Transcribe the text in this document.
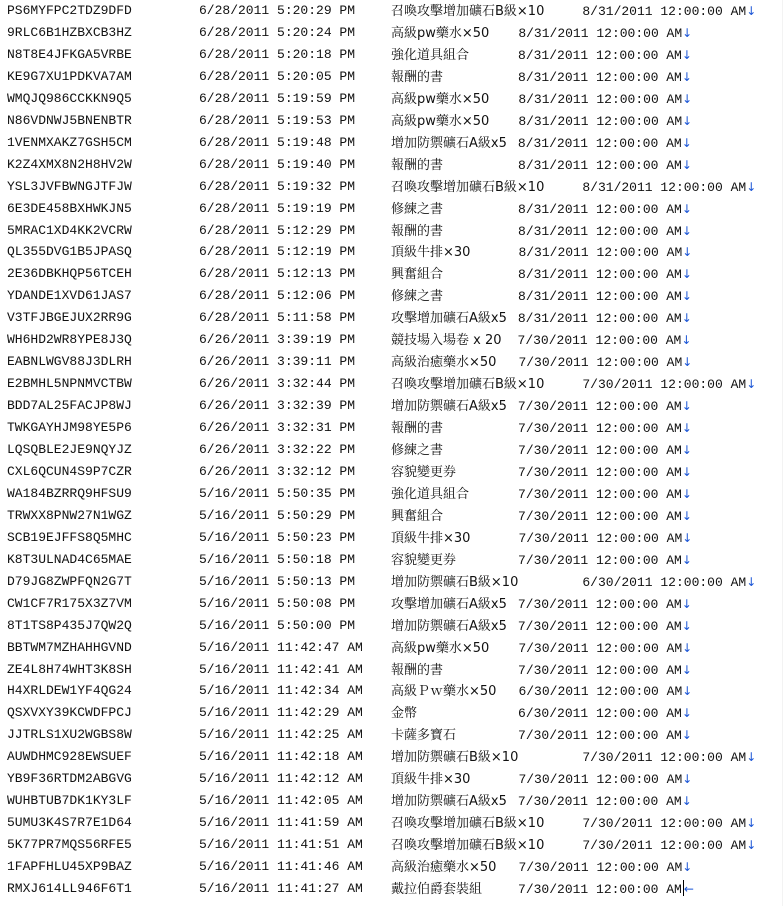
PS6MYFPC2TDZ9DFD	6/28/2011 5:20:29 PM	召喚攻擊增加礦石B級×10	8/31/2011 12:00:00 AM↓
9RLC6B1HZBXCB3HZ	6/28/2011 5:20:24 PM	高級pw藥水×50 8/31/2011 12:00:00 AM↓
N8T8E4JFKGA5VRBE	6/28/2011 5:20:18 PM	強化道具組合	8/31/2011 12:00:00 AM↓
KE9G7XU1PDKVA7AM	6/28/2011 5:20:05 PM	報酬的書	8/31/2011 12:00:00 AM↓
WMQJQ986CCKKN9Q5	6/28/2011 5:19:59 PM	高級pw藥水×50 8/31/2011 12:00:00 AM↓
N86VDNWJ5BNENBTR	6/28/2011 5:19:53 PM	高級pw藥水×50 8/31/2011 12:00:00 AM↓
1VENMXAKZ7GSH5CM	6/28/2011 5:19:48 PM	增加防禦礦石A級x5 8/31/2011 12:00:00 AM↓
K2Z4XMX8N2H8HV2W	6/28/2011 5:19:40 PM	報酬的書	8/31/2011 12:00:00 AM↓
YSL3JVFBWNGJTFJW	6/28/2011 5:19:32 PM	召喚攻擊增加礦石B級×10	8/31/2011 12:00:00 AM↓
6E3DE458BXHWKJN5	6/28/2011 5:19:19 PM	修練之書	8/31/2011 12:00:00 AM↓
5MRAC1XD4KK2VCRW	6/28/2011 5:12:29 PM	報酬的書	8/31/2011 12:00:00 AM↓
QL355DVG1B5JPASQ	6/28/2011 5:12:19 PM	頂級牛排×30	8/31/2011 12:00:00 AM↓
2E36DBKHQP56TCEH	6/28/2011 5:12:13 PM	興奮組合	8/31/2011 12:00:00 AM↓
YDANDE1XVD61JAS7	6/28/2011 5:12:06 PM	修練之書	8/31/2011 12:00:00 AM↓
V3TFJBGEJUX2RR9G	6/28/2011 5:11:58 PM	攻擊增加礦石A級x5 8/31/2011 12:00:00 AM↓
WH6HD2WR8YPE8J3Q	6/26/2011 3:39:19 PM	競技場入場卷 x 20 7/30/2011 12:00:00 AM↓
EABNLWGV88J3DLRH	6/26/2011 3:39:11 PM	高級治癒藥水×50 7/30/2011 12:00:00 AM↓
E2BMHL5NPNMVCTBW	6/26/2011 3:32:44 PM	召喚攻擊增加礦石B級×10	7/30/2011 12:00:00 AM↓
BDD7AL25FACJP8WJ	6/26/2011 3:32:39 PM	增加防禦礦石A級x5 7/30/2011 12:00:00 AM↓
TWKGAYHJM98YE5P6	6/26/2011 3:32:31 PM	報酬的書	7/30/2011 12:00:00 AM↓
LQSQBLE2JE9NQYJZ	6/26/2011 3:32:22 PM	修練之書	7/30/2011 12:00:00 AM↓
CXL6QCUN4S9P7CZR	6/26/2011 3:32:12 PM	容貌變更券	7/30/2011 12:00:00 AM↓
WA184BZRRQ9HFSU9	5/16/2011 5:50:35 PM	強化道具組合	7/30/2011 12:00:00 AM↓
TRWXX8PNW27N1WGZ	5/16/2011 5:50:29 PM	興奮組合	7/30/2011 12:00:00 AM↓
SCB19EJFFS8Q5MHC	5/16/2011 5:50:23 PM	頂級牛排×30	7/30/2011 12:00:00 AM↓
K8T3ULNAD4C65MAE	5/16/2011 5:50:18 PM	容貌變更券	7/30/2011 12:00:00 AM↓
D79JG8ZWPFQN2G7T	5/16/2011 5:50:13 PM	增加防禦礦石B級×10	6/30/2011 12:00:00 AM↓
CW1CF7R175X3Z7VM	5/16/2011 5:50:08 PM	攻擊增加礦石A級x5 7/30/2011 12:00:00 AM↓
8T1TS8P435J7QW2Q	5/16/2011 5:50:00 PM	增加防禦礦石A級x5 7/30/2011 12:00:00 AM↓
BBTWM7MZHAHHGVND	5/16/2011 11:42:47 AM 高級pw藥水×50 7/30/2011 12:00:00 AM↓
ZE4L8H74WHT3K8SH	5/16/2011 11:42:41 AM 報酬的書	7/30/2011 12:00:00 AM↓
H4XRLDEW1YF4QG24	5/16/2011 11:42:34 AM 高級Ｐｗ藥水×50 6/30/2011 12:00:00 AM↓
QSXVXY39KCWDFPCJ	5/16/2011 11:42:29 AM 金幣	6/30/2011 12:00:00 AM↓
JJTRLS1XU2WGBS8W	5/16/2011 11:42:25 AM 卡薩多寶石	7/30/2011 12:00:00 AM↓
AUWDHMC928EWSUEF	5/16/2011 11:42:18 AM 增加防禦礦石B級×10	7/30/2011 12:00:00 AM↓
YB9F36RTDM2ABGVG	5/16/2011 11:42:12 AM 頂級牛排×30	7/30/2011 12:00:00 AM↓
WUHBTUB7DK1KY3LF	5/16/2011 11:42:05 AM 增加防禦礦石A級x5 7/30/2011 12:00:00 AM↓
5UMU3K4S7R7E1D64	5/16/2011 11:41:59 AM 召喚攻擊增加礦石B級×10	7/30/2011 12:00:00 AM↓
5K77PR7MQS56RFE5	5/16/2011 11:41:51 AM 召喚攻擊增加礦石B級×10	7/30/2011 12:00:00 AM↓
1FAPFHLU45XP9BAZ	5/16/2011 11:41:46 AM 高級治癒藥水×50 7/30/2011 12:00:00 AM↓
RMXJ614LL946F6T1	5/16/2011 11:41:27 AM 戴拉伯爵套裝組	7/30/2011 12:00:00 AM ←
